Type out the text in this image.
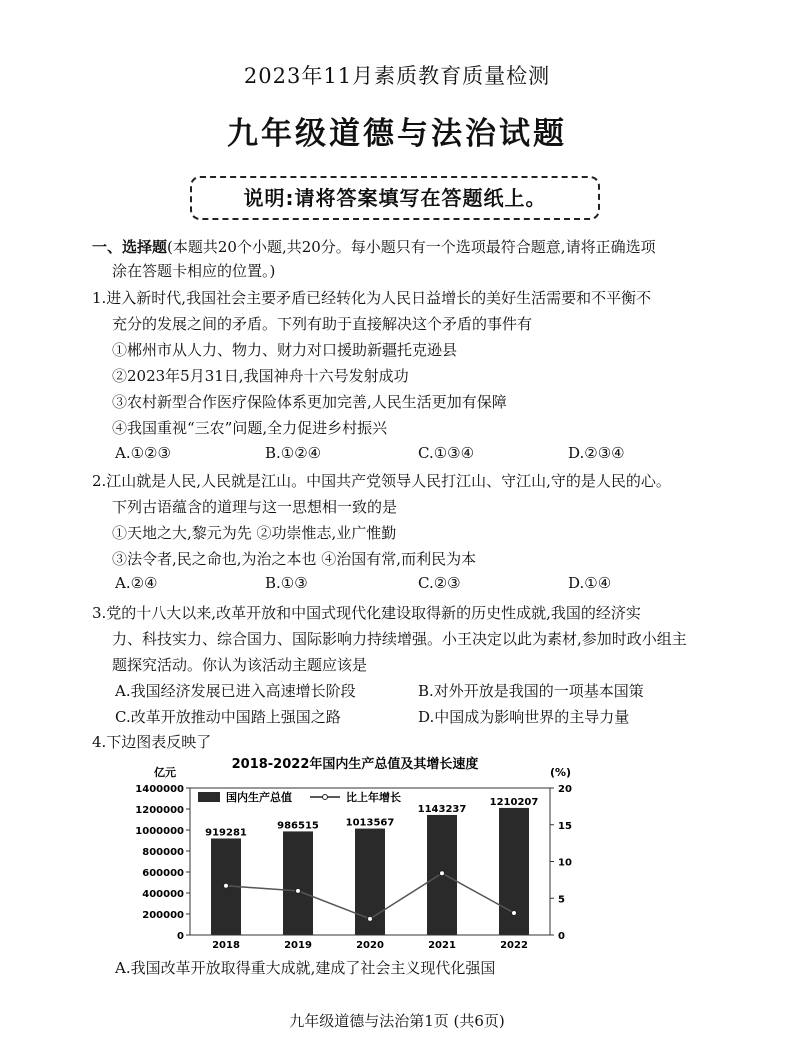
2023年11月素质教育质量检测
九年级道德与法治试题
说明:请将答案填写在答题纸上。
一、选择题(本题共20个小题,共20分。每小题只有一个选项最符合题意,请将正确选项
涂在答题卡相应的位置。)
1.进入新时代,我国社会主要矛盾已经转化为人民日益增长的美好生活需要和不平衡不
充分的发展之间的矛盾。下列有助于直接解决这个矛盾的事件有
①郴州市从人力、物力、财力对口援助新疆托克逊县
②2023年5月31日,我国神舟十六号发射成功
③农村新型合作医疗保险体系更加完善,人民生活更加有保障
④我国重视“三农”问题,全力促进乡村振兴
A.①②③	B.①②④	C.①③④	D.②③④
2.江山就是人民,人民就是江山。中国共产党领导人民打江山、守江山,守的是人民的心。
下列古语蕴含的道理与这一思想相一致的是
①天地之大,黎元为先 ②功崇惟志,业广惟勤
③法令者,民之命也,为治之本也 ④治国有常,而利民为本
A.②④	B.①③	C.②③	D.①④
3.党的十八大以来,改革开放和中国式现代化建设取得新的历史性成就,我国的经济实
力、科技实力、综合国力、国际影响力持续增强。小王决定以此为素材,参加时政小组主
题探究活动。你认为该活动主题应该是
A.我国经济发展已进入高速增长阶段	B.对外开放是我国的一项基本国策
C.改革开放推动中国踏上强国之路	D.中国成为影响世界的主导力量
4.下边图表反映了
2018-2022年国内生产总值及其增长速度
亿元	(%)
919281
986515	1013567
1143237
1210207
0
200000
400000
600000
800000
1000000
1200000
1400000
0
5
10
15
20
2018	2019	2020	2021	2022
国内生产总值	比上年增长
A.我国改革开放取得重大成就,建成了社会主义现代化强国
九年级道德与法治第1页 (共6页)
